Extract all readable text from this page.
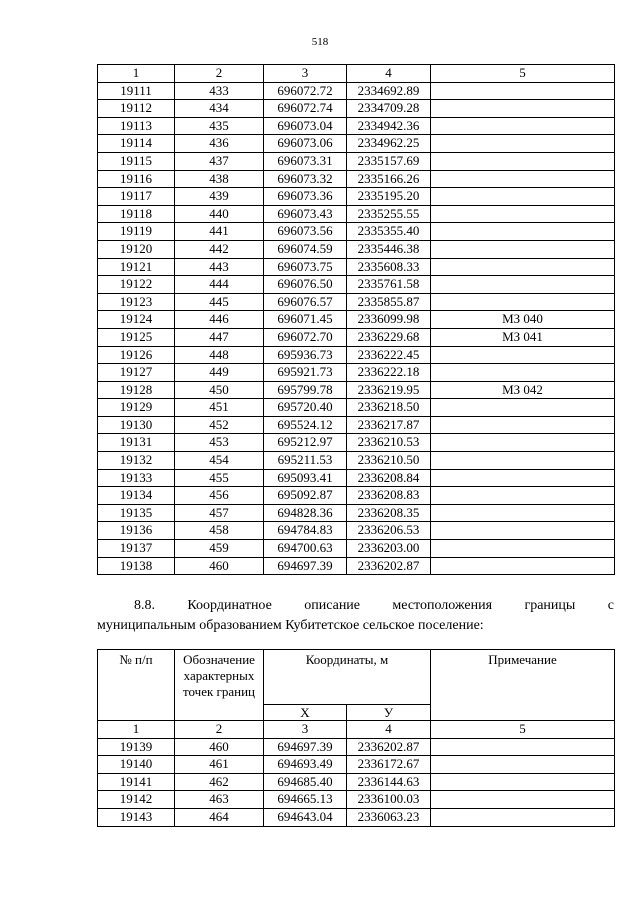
518
1	2	3	4	5
19111	433	696072.72	2334692.89	
19112	434	696072.74	2334709.28	
19113	435	696073.04	2334942.36	
19114	436	696073.06	2334962.25	
19115	437	696073.31	2335157.69	
19116	438	696073.32	2335166.26	
19117	439	696073.36	2335195.20	
19118	440	696073.43	2335255.55	
19119	441	696073.56	2335355.40	
19120	442	696074.59	2335446.38	
19121	443	696073.75	2335608.33	
19122	444	696076.50	2335761.58	
19123	445	696076.57	2335855.87	
19124	446	696071.45	2336099.98	МЗ 040
19125	447	696072.70	2336229.68	МЗ 041
19126	448	695936.73	2336222.45	
19127	449	695921.73	2336222.18	
19128	450	695799.78	2336219.95	МЗ 042
19129	451	695720.40	2336218.50	
19130	452	695524.12	2336217.87	
19131	453	695212.97	2336210.53	
19132	454	695211.53	2336210.50	
19133	455	695093.41	2336208.84	
19134	456	695092.87	2336208.83	
19135	457	694828.36	2336208.35	
19136	458	694784.83	2336206.53	
19137	459	694700.63	2336203.00	
19138	460	694697.39	2336202.87	
8.8. Координатное описание местоположения границы с
муниципальным образованием Кубитетское сельское поселение:
№ п/п	Обозначение характерных точек границ	Координаты, м		Примечание
		Х	У	
1	2	3	4	5
19139	460	694697.39	2336202.87	
19140	461	694693.49	2336172.67	
19141	462	694685.40	2336144.63	
19142	463	694665.13	2336100.03	
19143	464	694643.04	2336063.23	
